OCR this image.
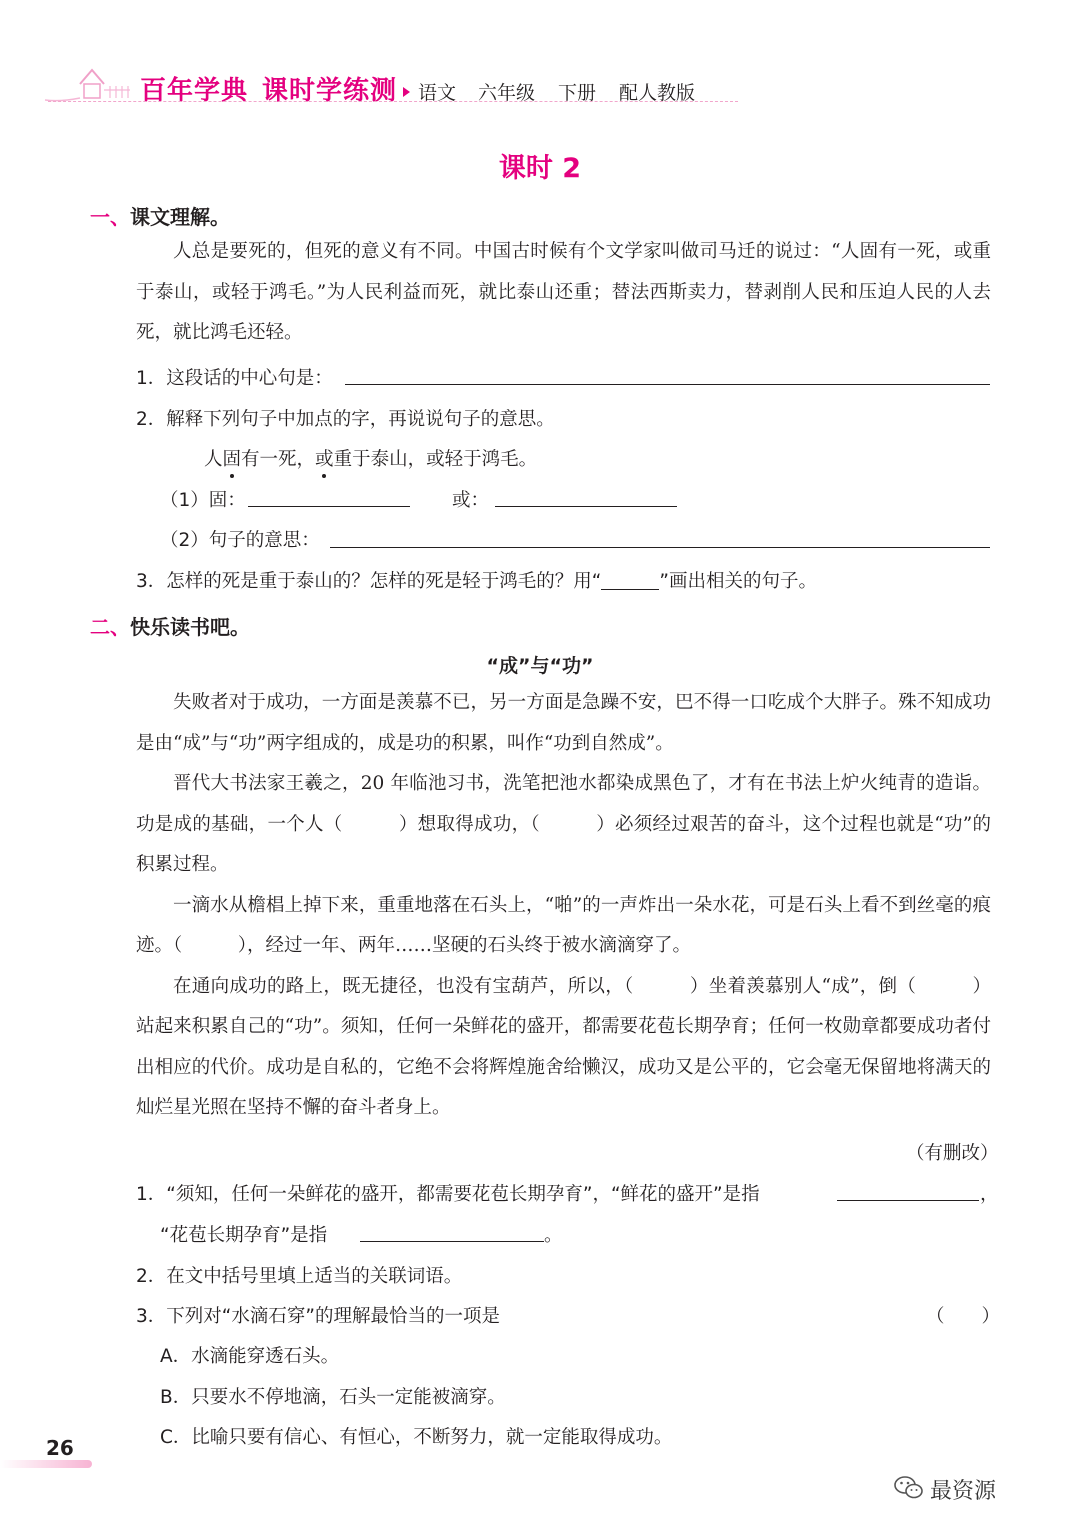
百年学典 课时学练测 语文 六年级 下册 配人教版
课时 2
一、课文理解。

人总是要死的，但死的意义有不同。中国古时候有个文学家叫做司马迁的说过：“人固有一死，或重于泰山，或轻于鸿毛。”为人民利益而死，就比泰山还重；替法西斯卖力，替剥削人民和压迫人民的人去死，就比鸿毛还轻。

1．这段话的中心句是：
2．解释下列句子中加点的字，再说说句子的意思。
人固有一死，或重于泰山，或轻于鸿毛。
（1）固：	或：
（2）句子的意思：
3．怎样的死是重于泰山的？怎样的死是轻于鸿毛的？用“	”画出相关的句子。
二、快乐读书吧。
“成”与“功”

失败者对于成功，一方面是羡慕不已，另一方面是急躁不安，巴不得一口吃成个大胖子。殊不知成功是由“成”与“功”两字组成的，成是功的积累，叫作“功到自然成”。

晋代大书法家王羲之，20 年临池习书，洗笔把池水都染成黑色了，才有在书法上炉火纯青的造诣。功是成的基础，一个人（　　　）想取得成功，（　　　）必须经过艰苦的奋斗，这个过程也就是“功”的积累过程。

一滴水从檐椙上掉下来，重重地落在石头上，“啪”的一声炸出一朵水花，可是石头上看不到丝毫的痕迹。（　　　），经过一年、两年……坚硬的石头终于被水滴滴穿了。

在通向成功的路上，既无捷径，也没有宝葫芦，所以，（　　　）坐着羡慕别人“成”，倒（　　　）站起来积累自己的“功”。须知，任何一朵鲜花的盛开，都需要花苞长期孕育；任何一枚勋章都要成功者付出相应的代价。成功是自私的，它绝不会将辉煌施舍给懒汉，成功又是公平的，它会毫无保留地将满天的灿烂星光照在坚持不懈的奋斗者身上。

（有删改）
1．“须知，任何一朵鲜花的盛开，都需要花苞长期孕育”，“鲜花的盛开”是指	，
“花苞长期孕育”是指	。
2．在文中括号里填上适当的关联词语。
3．下列对“水滴石穿”的理解最恰当的一项是	（　　）
A．水滴能穿透石头。
B．只要水不停地滴，石头一定能被滴穿。
C．比喻只要有信心、有恒心，不断努力，就一定能取得成功。
26
最资源
